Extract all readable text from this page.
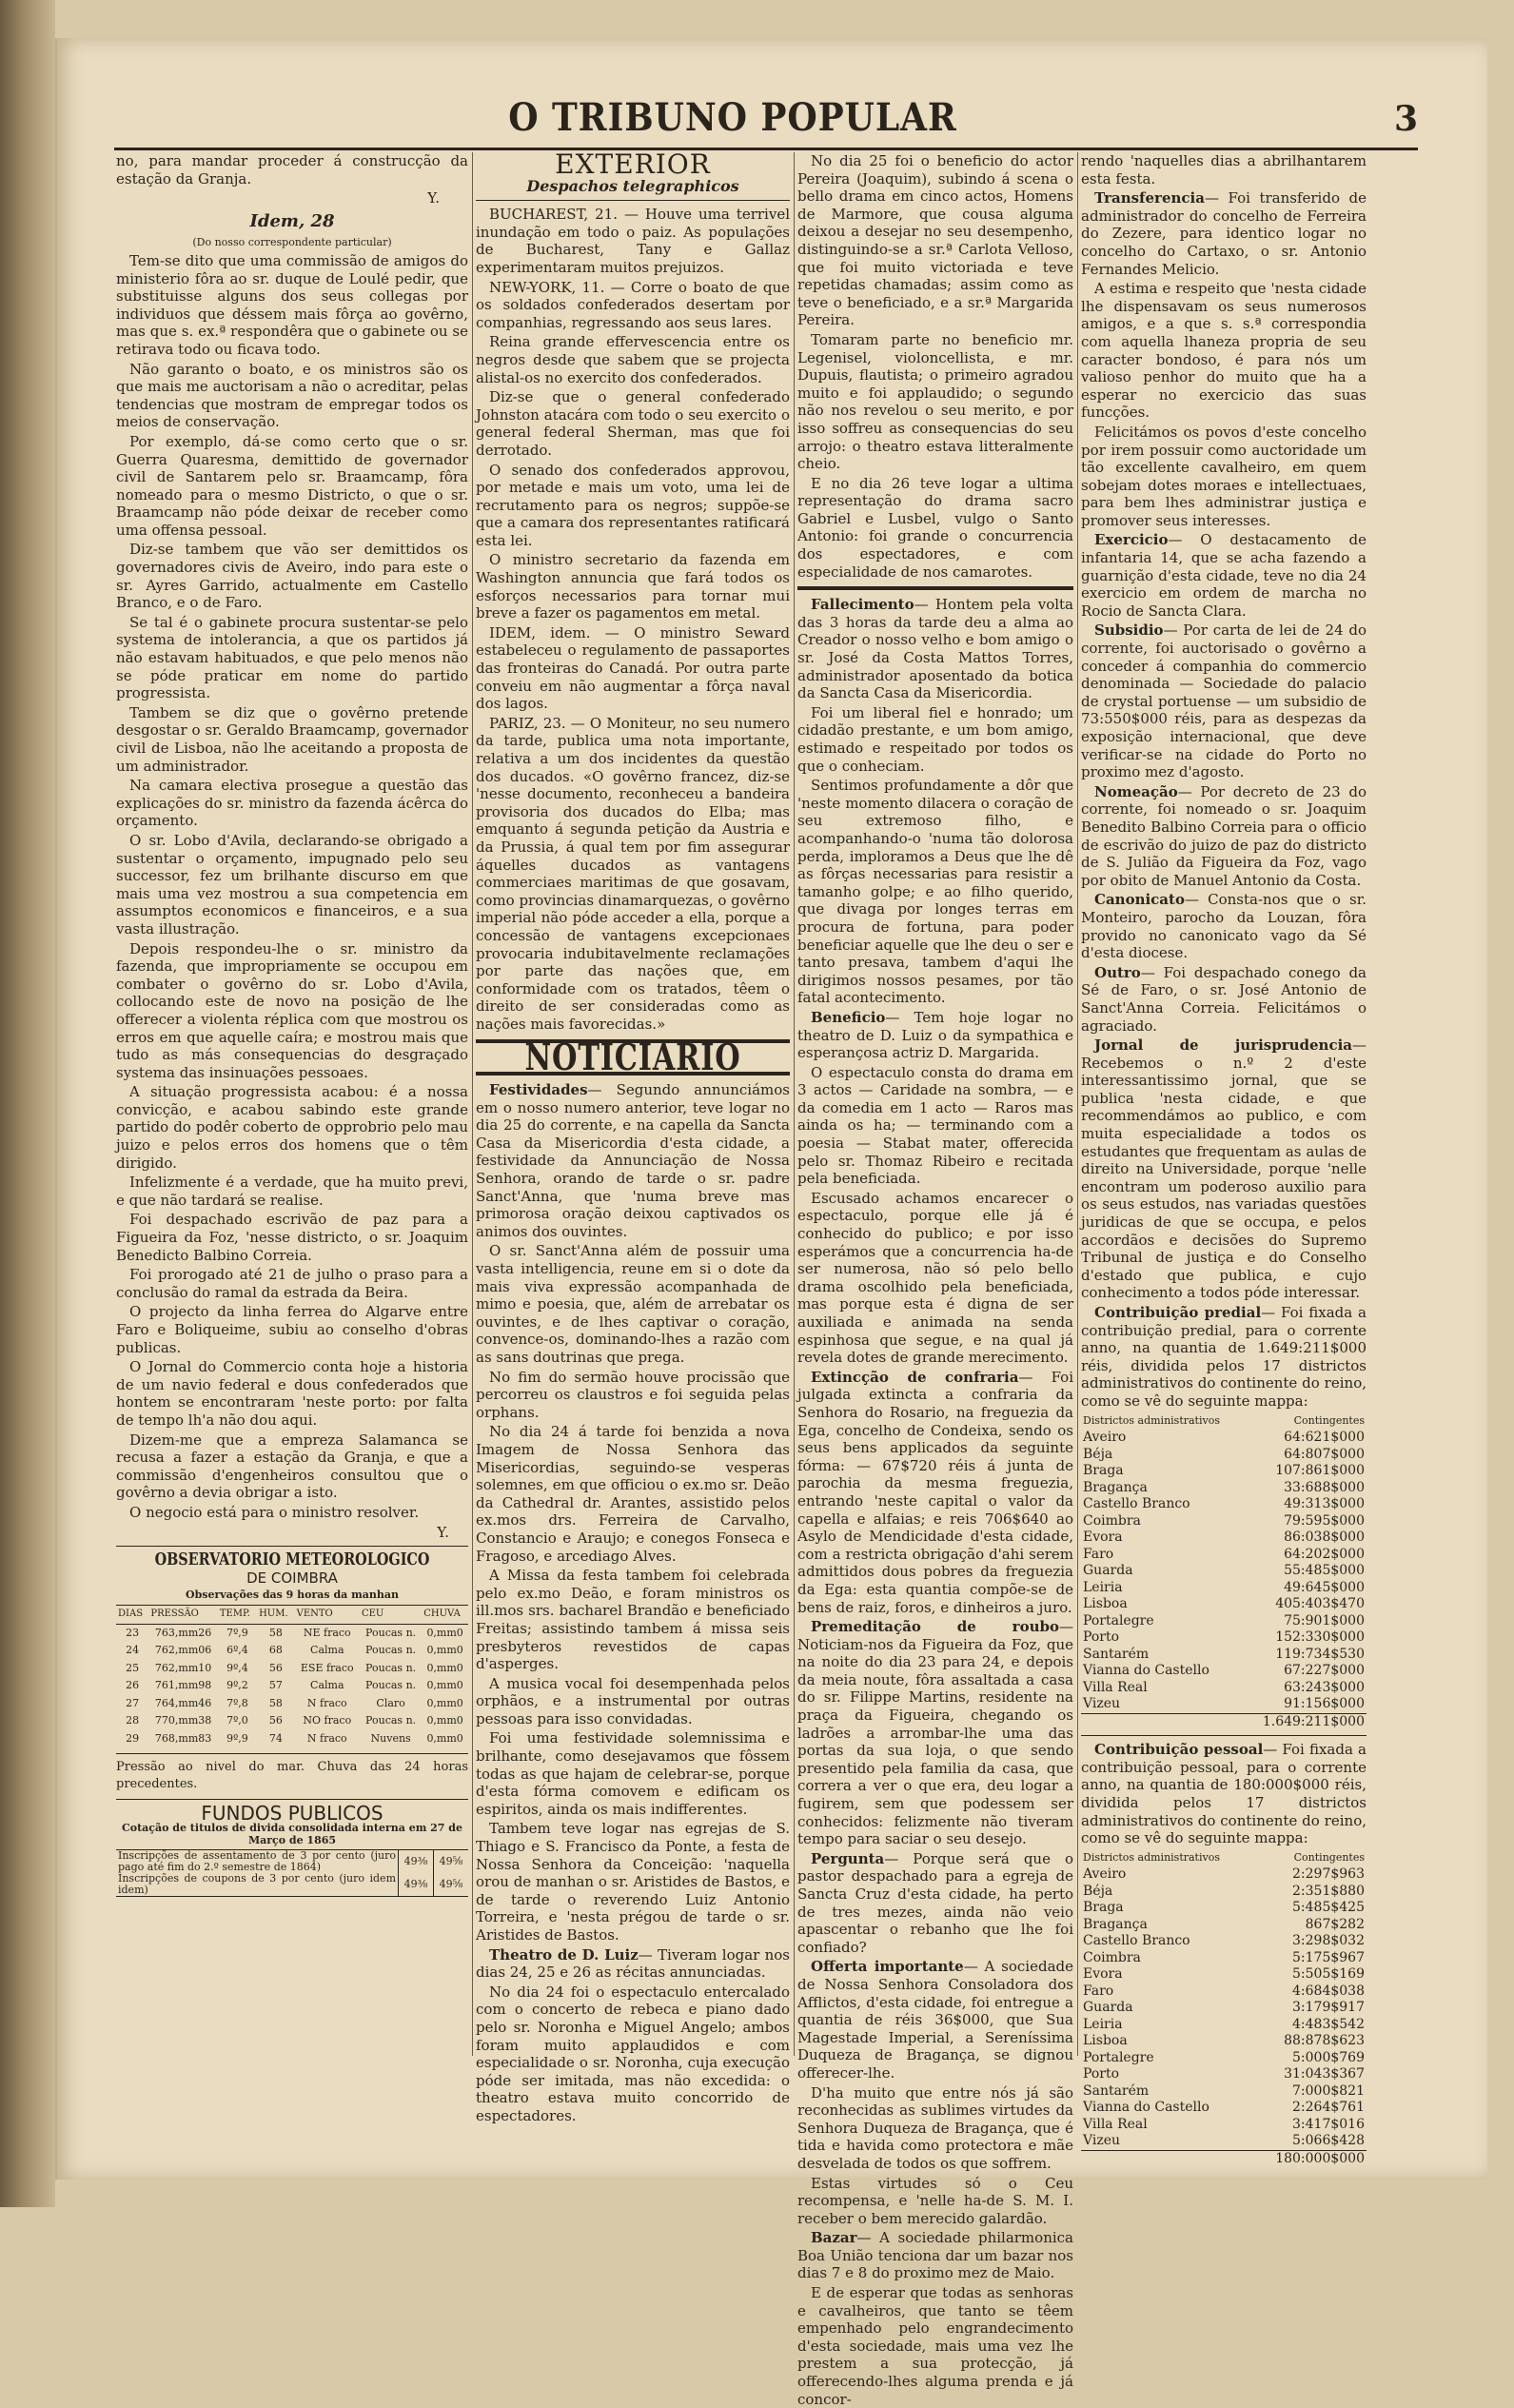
O TRIBUNO POPULAR	3

no, para mandar proceder á construcção da estação da Granja.

Y.
Idem, 28
(Do nosso correspondente particular)

Tem-se dito que uma commissão de amigos do ministerio fôra ao sr. duque de Loulé pedir, que substituisse alguns dos seus collegas por individuos que déssem mais fôrça ao govêrno, mas que s. ex.ª respondêra que o gabinete ou se retirava todo ou ficava todo.

Não garanto o boato, e os ministros são os que mais me auctorisam a não o acreditar, pelas tendencias que mostram de empregar todos os meios de conservação.

Por exemplo, dá-se como certo que o sr. Guerra Quaresma, demittido de governador civil de Santarem pelo sr. Braamcamp, fôra nomeado para o mesmo Districto, o que o sr. Braamcamp não póde deixar de receber como uma offensa pessoal.

Diz-se tambem que vão ser demittidos os governadores civis de Aveiro, indo para este o sr. Ayres Garrido, actualmente em Castello Branco, e o de Faro.

Se tal é o gabinete procura sustentar-se pelo systema de intolerancia, a que os partidos já não estavam habituados, e que pelo menos não se póde praticar em nome do partido progressista.

Tambem se diz que o govêrno pretende desgostar o sr. Geraldo Braamcamp, governador civil de Lisboa, não lhe aceitando a proposta de um administrador.

Na camara electiva prosegue a questão das explicações do sr. ministro da fazenda ácêrca do orçamento.

O sr. Lobo d'Avila, declarando-se obrigado a sustentar o orçamento, impugnado pelo seu successor, fez um brilhante discurso em que mais uma vez mostrou a sua competencia em assumptos economicos e financeiros, e a sua vasta illustração.

Depois respondeu-lhe o sr. ministro da fazenda, que impropriamente se occupou em combater o govêrno do sr. Lobo d'Avila, collocando este de novo na posição de lhe offerecer a violenta réplica com que mostrou os erros em que aquelle caíra; e mostrou mais que tudo as más consequencias do desgraçado systema das insinuações pessoaes.

A situação progressista acabou: é a nossa convicção, e acabou sabindo este grande partido do podêr coberto de opprobrio pelo mau juizo e pelos erros dos homens que o têm dirigido.

Infelizmente é a verdade, que ha muito previ, e que não tardará se realise.

Foi despachado escrivão de paz para a Figueira da Foz, 'nesse districto, o sr. Joaquim Benedicto Balbino Correia.

Foi prorogado até 21 de julho o praso para a conclusão do ramal da estrada da Beira.

O projecto da linha ferrea do Algarve entre Faro e Boliqueime, subiu ao conselho d'obras publicas.

O Jornal do Commercio conta hoje a historia de um navio federal e dous confederados que hontem se encontraram 'neste porto: por falta de tempo lh'a não dou aqui.

Dizem-me que a empreza Salamanca se recusa a fazer a estação da Granja, e que a commissão d'engenheiros consultou que o govêrno a devia obrigar a isto.

O negocio está para o ministro resolver.

Y.
OBSERVATORIO METEOROLOGICO
DE COIMBRA
Observações das 9 horas da manhan
DIAS	PRESSÃO	TEMP.	HUM.	VENTO	CEU	CHUVA
23	763,mm26	7º,9	58	NE fraco	Poucas n.	0,mm0
24	762,mm06	6º,4	68	Calma	Poucas n.	0,mm0
25	762,mm10	9º,4	56	ESE fraco	Poucas n.	0,mm0
26	761,mm98	9º,2	57	Calma	Poucas n.	0,mm0
27	764,mm46	7º,8	58	N fraco	Claro	0,mm0
28	770,mm38	7º,0	56	NO fraco	Poucas n.	0,mm0
29	768,mm83	9º,9	74	N fraco	Nuvens	0,mm0

Pressão ao nivel do mar. Chuva das 24 horas precedentes.

FUNDOS PUBLICOS
Cotação de titulos de divida consolidada interna em 27 de Março de 1865
Inscripções de assentamento de 3 por cento (juro pago até fim do 2.º semestre de 1864)	49⅜	49⅝
Inscripções de coupons de 3 por cento (juro idem idem)	49⅜	49⅝
EXTERIOR
Despachos telegraphicos

BUCHAREST, 21. — Houve uma terrivel inundação em todo o paiz. As populações de Bucharest, Tany e Gallaz experimentaram muitos prejuizos.

NEW-YORK, 11. — Corre o boato de que os soldados confederados desertam por companhias, regressando aos seus lares.

Reina grande effervescencia entre os negros desde que sabem que se projecta alistal-os no exercito dos confederados.

Diz-se que o general confederado Johnston atacára com todo o seu exercito o general federal Sherman, mas que foi derrotado.

O senado dos confederados approvou, por metade e mais um voto, uma lei de recrutamento para os negros; suppõe-se que a camara dos representantes ratificará esta lei.

O ministro secretario da fazenda em Washington annuncia que fará todos os esforços necessarios para tornar mui breve a fazer os pagamentos em metal.

IDEM, idem. — O ministro Seward estabeleceu o regulamento de passaportes das fronteiras do Canadá. Por outra parte conveiu em não augmentar a fôrça naval dos lagos.

PARIZ, 23. — O Moniteur, no seu numero da tarde, publica uma nota importante, relativa a um dos incidentes da questão dos ducados. «O govêrno francez, diz-se 'nesse documento, reconheceu a bandeira provisoria dos ducados do Elba; mas emquanto á segunda petição da Austria e da Prussia, á qual tem por fim assegurar áquelles ducados as vantagens commerciaes maritimas de que gosavam, como provincias dinamarquezas, o govêrno imperial não póde acceder a ella, porque a concessão de vantagens excepcionaes provocaria indubitavelmente reclamações por parte das nações que, em conformidade com os tratados, têem o direito de ser consideradas como as nações mais favorecidas.»

NOTICIARIO

Festividades— Segundo annunciámos em o nosso numero anterior, teve logar no dia 25 do corrente, e na capella da Sancta Casa da Misericordia d'esta cidade, a festividade da Annunciação de Nossa Senhora, orando de tarde o sr. padre Sanct'Anna, que 'numa breve mas primorosa oração deixou captivados os animos dos ouvintes.

O sr. Sanct'Anna além de possuir uma vasta intelligencia, reune em si o dote da mais viva expressão acompanhada de mimo e poesia, que, além de arrebatar os ouvintes, e de lhes captivar o coração, convence-os, dominando-lhes a razão com as sans doutrinas que prega.

No fim do sermão houve procissão que percorreu os claustros e foi seguida pelas orphans.

No dia 24 á tarde foi benzida a nova Imagem de Nossa Senhora das Misericordias, seguindo-se vesperas solemnes, em que officiou o ex.mo sr. Deão da Cathedral dr. Arantes, assistido pelos ex.mos drs. Ferreira de Carvalho, Constancio e Araujo; e conegos Fonseca e Fragoso, e arcediago Alves.

A Missa da festa tambem foi celebrada pelo ex.mo Deão, e foram ministros os ill.mos srs. bacharel Brandão e beneficiado Freitas; assistindo tambem á missa seis presbyteros revestidos de capas d'asperges.

A musica vocal foi desempenhada pelos orphãos, e a instrumental por outras pessoas para isso convidadas.

Foi uma festividade solemnissima e brilhante, como desejavamos que fôssem todas as que hajam de celebrar-se, porque d'esta fórma comovem e edificam os espiritos, ainda os mais indifferentes.

Tambem teve logar nas egrejas de S. Thiago e S. Francisco da Ponte, a festa de Nossa Senhora da Conceição: 'naquella orou de manhan o sr. Aristides de Bastos, e de tarde o reverendo Luiz Antonio Torreira, e 'nesta prégou de tarde o sr. Aristides de Bastos.

Theatro de D. Luiz— Tiveram logar nos dias 24, 25 e 26 as récitas annunciadas.

No dia 24 foi o espectaculo entercalado com o concerto de rebeca e piano dado pelo sr. Noronha e Miguel Angelo; ambos foram muito applaudidos e com especialidade o sr. Noronha, cuja execução póde ser imitada, mas não excedida: o theatro estava muito concorrido de espectadores.

No dia 25 foi o beneficio do actor Pereira (Joaquim), subindo á scena o bello drama em cinco actos, Homens de Marmore, que cousa alguma deixou a desejar no seu desempenho, distinguindo-se a sr.ª Carlota Velloso, que foi muito victoriada e teve repetidas chamadas; assim como as teve o beneficiado, e a sr.ª Margarida Pereira.

Tomaram parte no beneficio mr. Legenisel, violoncellista, e mr. Dupuis, flautista; o primeiro agradou muito e foi applaudido; o segundo não nos revelou o seu merito, e por isso soffreu as consequencias do seu arrojo: o theatro estava litteralmente cheio.

E no dia 26 teve logar a ultima representação do drama sacro Gabriel e Lusbel, vulgo o Santo Antonio: foi grande o concurrencia dos espectadores, e com especialidade de nos camarotes.

Fallecimento— Hontem pela volta das 3 horas da tarde deu a alma ao Creador o nosso velho e bom amigo o sr. José da Costa Mattos Torres, administrador aposentado da botica da Sancta Casa da Misericordia.

Foi um liberal fiel e honrado; um cidadão prestante, e um bom amigo, estimado e respeitado por todos os que o conheciam.

Sentimos profundamente a dôr que 'neste momento dilacera o coração de seu extremoso filho, e acompanhando-o 'numa tão dolorosa perda, imploramos a Deus que lhe dê as fôrças necessarias para resistir a tamanho golpe; e ao filho querido, que divaga por longes terras em procura de fortuna, para poder beneficiar aquelle que lhe deu o ser e tanto presava, tambem d'aqui lhe dirigimos nossos pesames, por tão fatal acontecimento.

Beneficio— Tem hoje logar no theatro de D. Luiz o da sympathica e esperançosa actriz D. Margarida.

O espectaculo consta do drama em 3 actos — Caridade na sombra, — e da comedia em 1 acto — Raros mas ainda os ha; — terminando com a poesia — Stabat mater, offerecida pelo sr. Thomaz Ribeiro e recitada pela beneficiada.

Escusado achamos encarecer o espectaculo, porque elle já é conhecido do publico; e por isso esperámos que a concurrencia ha-de ser numerosa, não só pelo bello drama oscolhido pela beneficiada, mas porque esta é digna de ser auxiliada e animada na senda espinhosa que segue, e na qual já revela dotes de grande merecimento.

Extincção de confraria— Foi julgada extincta a confraria da Senhora do Rosario, na freguezia da Ega, concelho de Condeixa, sendo os seus bens applicados da seguinte fórma: — 67$720 réis á junta de parochia da mesma freguezia, entrando 'neste capital o valor da capella e alfaias; e reis 706$640 ao Asylo de Mendicidade d'esta cidade, com a restricta obrigação d'ahi serem admittidos dous pobres da freguezia da Ega: esta quantia compõe-se de bens de raiz, foros, e dinheiros a juro.

Premeditação de roubo— Noticiam-nos da Figueira da Foz, que na noite do dia 23 para 24, e depois da meia noute, fôra assaltada a casa do sr. Filippe Martins, residente na praça da Figueira, chegando os ladrões a arrombar-lhe uma das portas da sua loja, o que sendo presentido pela familia da casa, que correra a ver o que era, deu logar a fugirem, sem que podessem ser conhecidos: felizmente não tiveram tempo para saciar o seu desejo.

Pergunta— Porque será que o pastor despachado para a egreja de Sancta Cruz d'esta cidade, ha perto de tres mezes, ainda não veio apascentar o rebanho que lhe foi confiado?

Offerta importante— A sociedade de Nossa Senhora Consoladora dos Afflictos, d'esta cidade, foi entregue a quantia de réis 36$000, que Sua Magestade Imperial, a Sereníssima Duqueza de Bragança, se dignou offerecer-lhe.

D'ha muito que entre nós já são reconhecidas as sublimes virtudes da Senhora Duqueza de Bragança, que é tida e havida como protectora e mãe desvelada de todos os que soffrem.

Estas virtudes só o Ceu recompensa, e 'nelle ha-de S. M. I. receber o bem merecido galardão.

Bazar— A sociedade philarmonica Boa União tenciona dar um bazar nos dias 7 e 8 do proximo mez de Maio.

E de esperar que todas as senhoras e cavalheiros, que tanto se têem empenhado pelo engrandecimento d'esta sociedade, mais uma vez lhe prestem a sua protecção, já offerecendo-lhes alguma prenda e já concor-

rendo 'naquelles dias a abrilhantarem esta festa.

Transferencia— Foi transferido de administrador do concelho de Ferreira do Zezere, para identico logar no concelho do Cartaxo, o sr. Antonio Fernandes Melicio.

A estima e respeito que 'nesta cidade lhe dispensavam os seus numerosos amigos, e a que s. s.ª correspondia com aquella lhaneza propria de seu caracter bondoso, é para nós um valioso penhor do muito que ha a esperar no exercicio das suas funcções.

Felicitámos os povos d'este concelho por irem possuir como auctoridade um tão excellente cavalheiro, em quem sobejam dotes moraes e intellectuaes, para bem lhes administrar justiça e promover seus interesses.

Exercicio— O destacamento de infantaria 14, que se acha fazendo a guarnição d'esta cidade, teve no dia 24 exercicio em ordem de marcha no Rocio de Sancta Clara.

Subsidio— Por carta de lei de 24 do corrente, foi auctorisado o govêrno a conceder á companhia do commercio denominada — Sociedade do palacio de crystal portuense — um subsidio de 73:550$000 réis, para as despezas da exposição internacional, que deve verificar-se na cidade do Porto no proximo mez d'agosto.

Nomeação— Por decreto de 23 do corrente, foi nomeado o sr. Joaquim Benedito Balbino Correia para o officio de escrivão do juizo de paz do districto de S. Julião da Figueira da Foz, vago por obito de Manuel Antonio da Costa.

Canonicato— Consta-nos que o sr. Monteiro, parocho da Louzan, fôra provido no canonicato vago da Sé d'esta diocese.

Outro— Foi despachado conego da Sé de Faro, o sr. José Antonio de Sanct'Anna Correia. Felicitámos o agraciado.

Jornal de jurisprudencia— Recebemos o n.º 2 d'este interessantissimo jornal, que se publica 'nesta cidade, e que recommendámos ao publico, e com muita especialidade a todos os estudantes que frequentam as aulas de direito na Universidade, porque 'nelle encontram um poderoso auxilio para os seus estudos, nas variadas questões juridicas de que se occupa, e pelos accordãos e decisões do Supremo Tribunal de justiça e do Conselho d'estado que publica, e cujo conhecimento a todos póde interessar.

Contribuição predial— Foi fixada a contribuição predial, para o corrente anno, na quantia de 1.649:211$000 réis, dividida pelos 17 districtos administrativos do continente do reino, como se vê do seguinte mappa:

Districtos administrativos	Contingentes
Aveiro	64:621$000
Béja	64:807$000
Braga	107:861$000
Bragança	33:688$000
Castello Branco	49:313$000
Coimbra	79:595$000
Evora	86:038$000
Faro	64:202$000
Guarda	55:485$000
Leiria	49:645$000
Lisboa	405:403$470
Portalegre	75:901$000
Porto	152:330$000
Santarém	119:734$530
Vianna do Castello	67:227$000
Villa Real	63:243$000
Vizeu	91:156$000
	1.649:211$000

Contribuição pessoal— Foi fixada a contribuição pessoal, para o corrente anno, na quantia de 180:000$000 réis, dividida pelos 17 districtos administrativos do continente do reino, como se vê do seguinte mappa:

Districtos administrativos	Contingentes
Aveiro	2:297$963
Béja	2:351$880
Braga	5:485$425
Bragança	867$282
Castello Branco	3:298$032
Coimbra	5:175$967
Evora	5:505$169
Faro	4:684$038
Guarda	3:179$917
Leiria	4:483$542
Lisboa	88:878$623
Portalegre	5:000$769
Porto	31:043$367
Santarém	7:000$821
Vianna do Castello	2:264$761
Villa Real	3:417$016
Vizeu	5:066$428
	180:000$000
